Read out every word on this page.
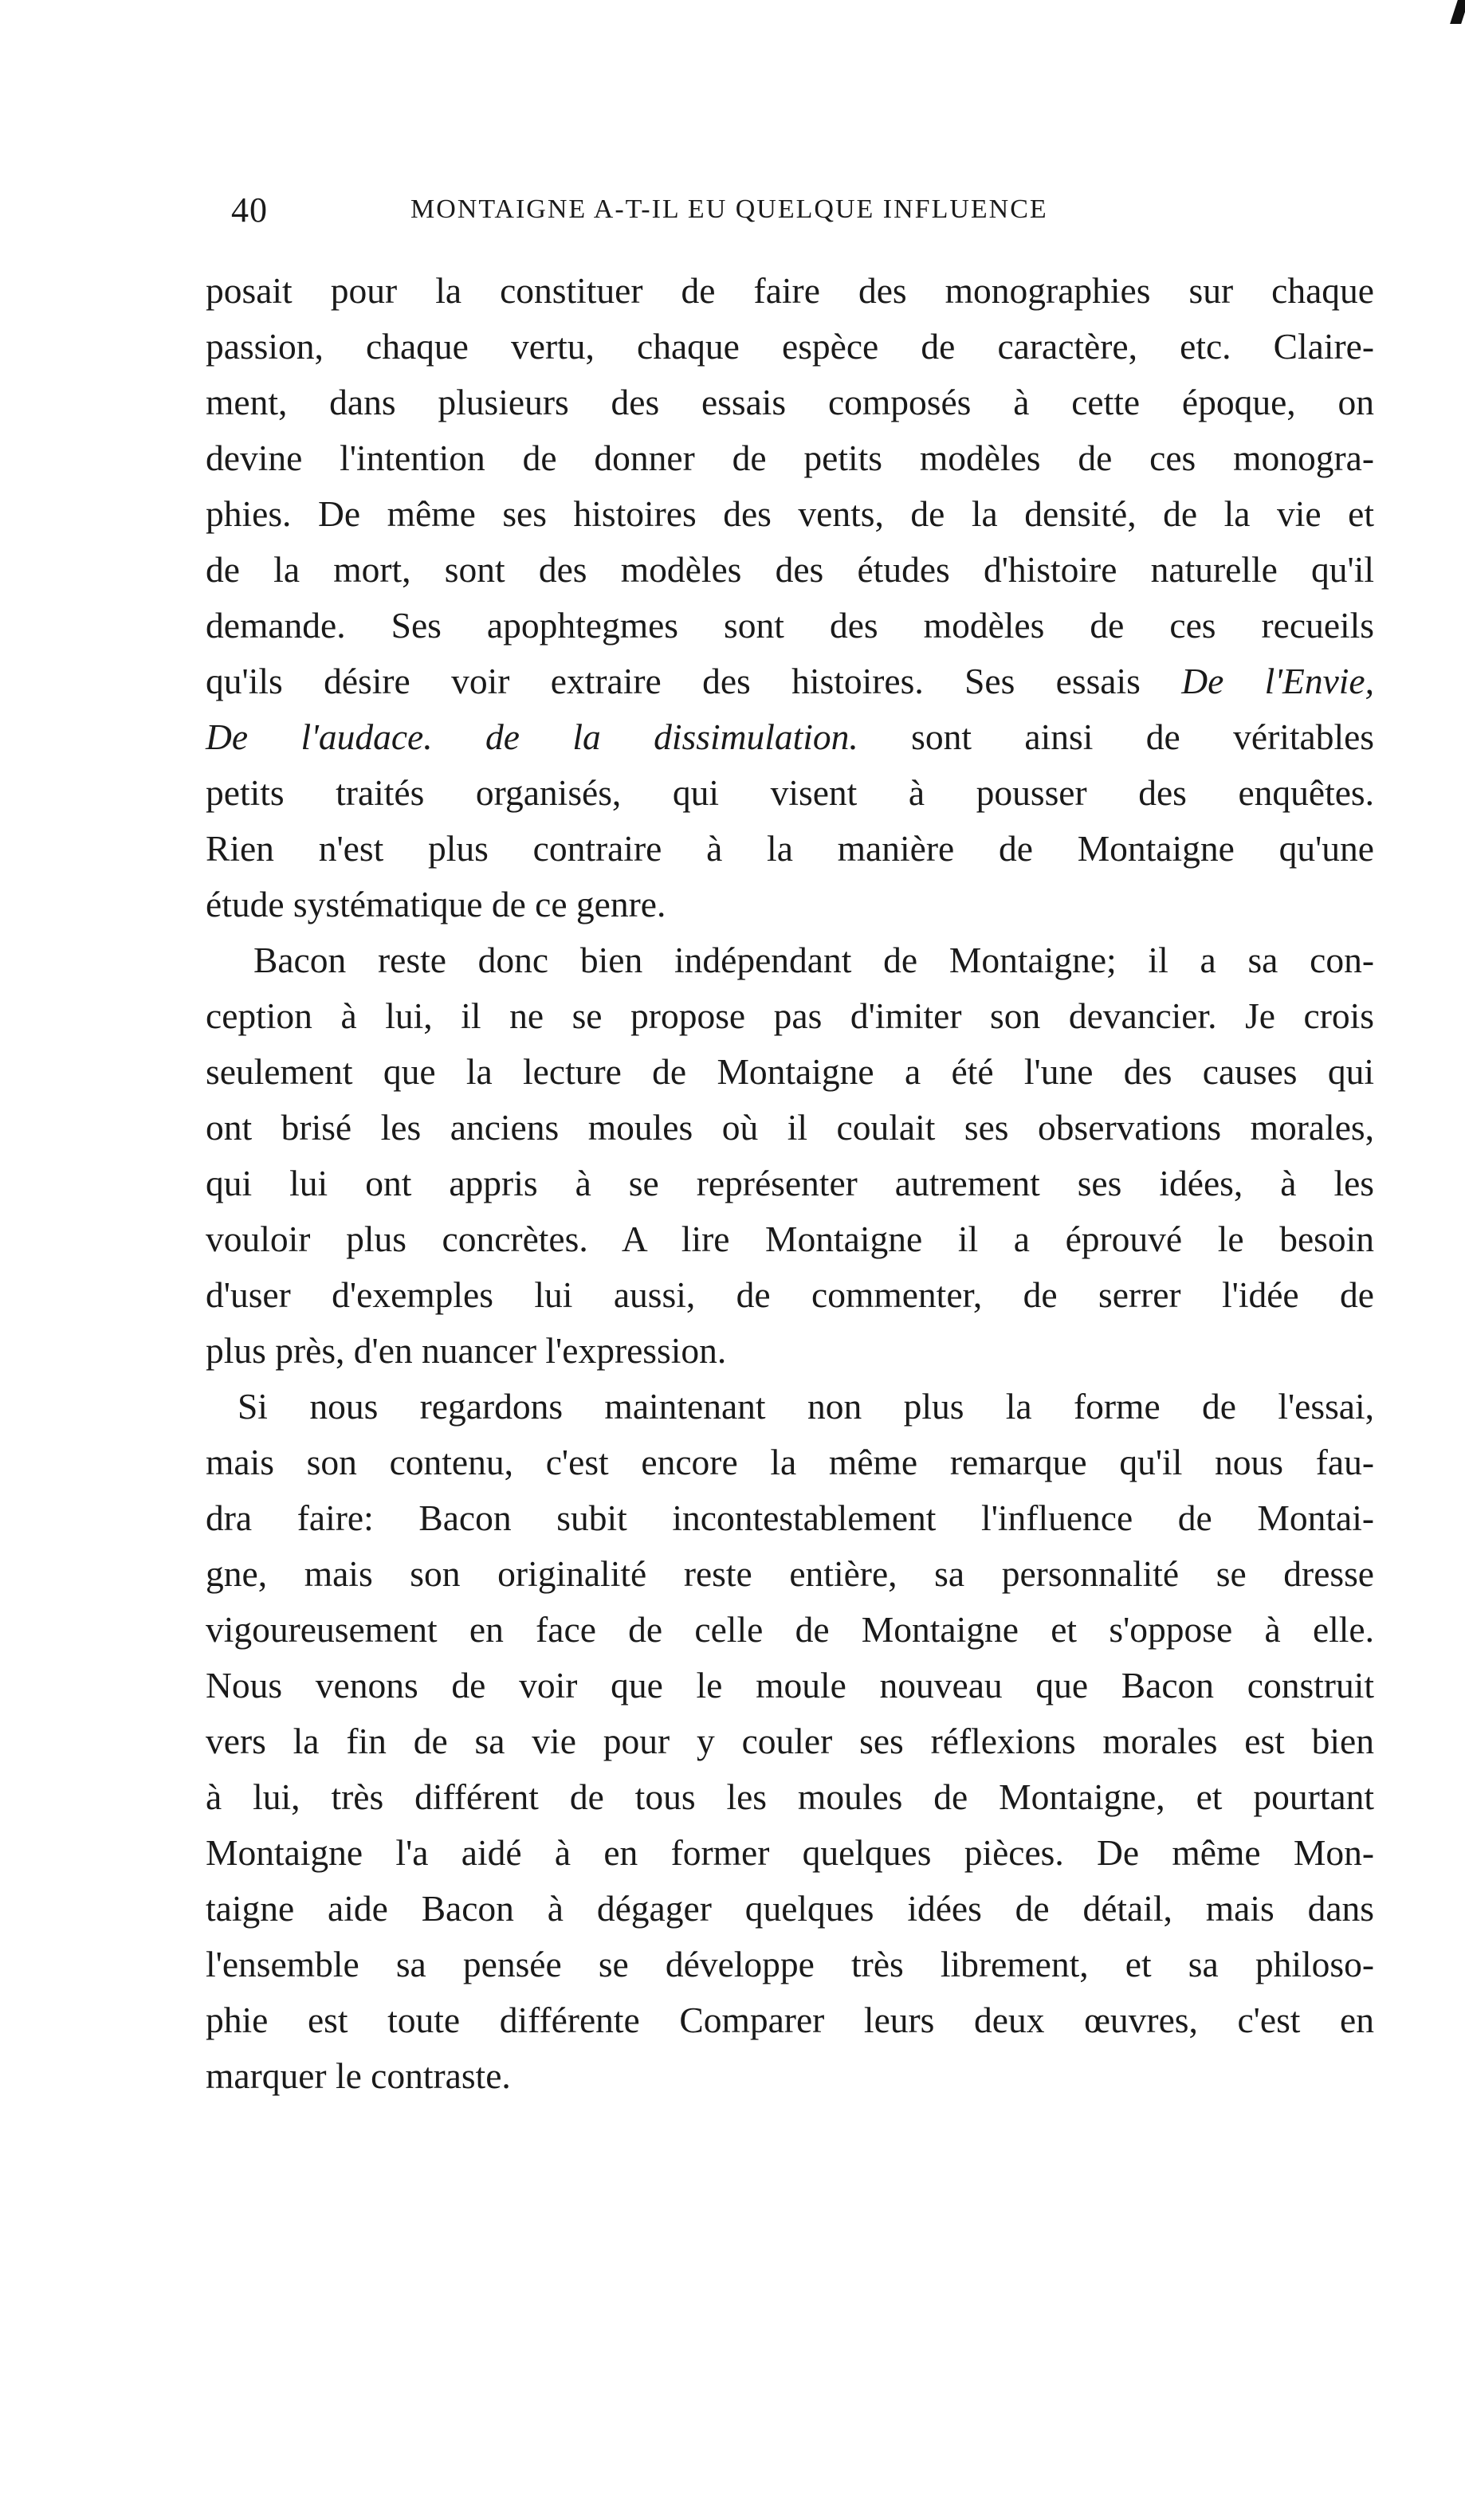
40	MONTAIGNE A-T-IL EU QUELQUE INFLUENCE

posait pour la constituer de faire des monographies sur chaque
passion, chaque vertu, chaque espèce de caractère, etc. Claire-
ment, dans plusieurs des essais composés à cette époque, on
devine l'intention de donner de petits modèles de ces monogra-
phies. De même ses histoires des vents, de la densité, de la vie et
de la mort, sont des modèles des études d'histoire naturelle qu'il
demande. Ses apophtegmes sont des modèles de ces recueils
qu'ils désire voir extraire des histoires. Ses essais De l'Envie,
De l'audace. de la dissimulation. sont ainsi de véritables
petits traités organisés, qui visent à pousser des enquêtes.
Rien n'est plus contraire à la manière de Montaigne qu'une
étude systématique de ce genre.

Bacon reste donc bien indépendant de Montaigne; il a sa con-
ception à lui, il ne se propose pas d'imiter son devancier. Je crois
seulement que la lecture de Montaigne a été l'une des causes qui
ont brisé les anciens moules où il coulait ses observations morales,
qui lui ont appris à se représenter autrement ses idées, à les
vouloir plus concrètes. A lire Montaigne il a éprouvé le besoin
d'user d'exemples lui aussi, de commenter, de serrer l'idée de
plus près, d'en nuancer l'expression.

Si nous regardons maintenant non plus la forme de l'essai,
mais son contenu, c'est encore la même remarque qu'il nous fau-
dra faire: Bacon subit incontestablement l'influence de Montai-
gne, mais son originalité reste entière, sa personnalité se dresse
vigoureusement en face de celle de Montaigne et s'oppose à elle.
Nous venons de voir que le moule nouveau que Bacon construit
vers la fin de sa vie pour y couler ses réflexions morales est bien
à lui, très différent de tous les moules de Montaigne, et pourtant
Montaigne l'a aidé à en former quelques pièces. De même Mon-
taigne aide Bacon à dégager quelques idées de détail, mais dans
l'ensemble sa pensée se développe très librement, et sa philoso-
phie est toute différente Comparer leurs deux œuvres, c'est en
marquer le contraste.
